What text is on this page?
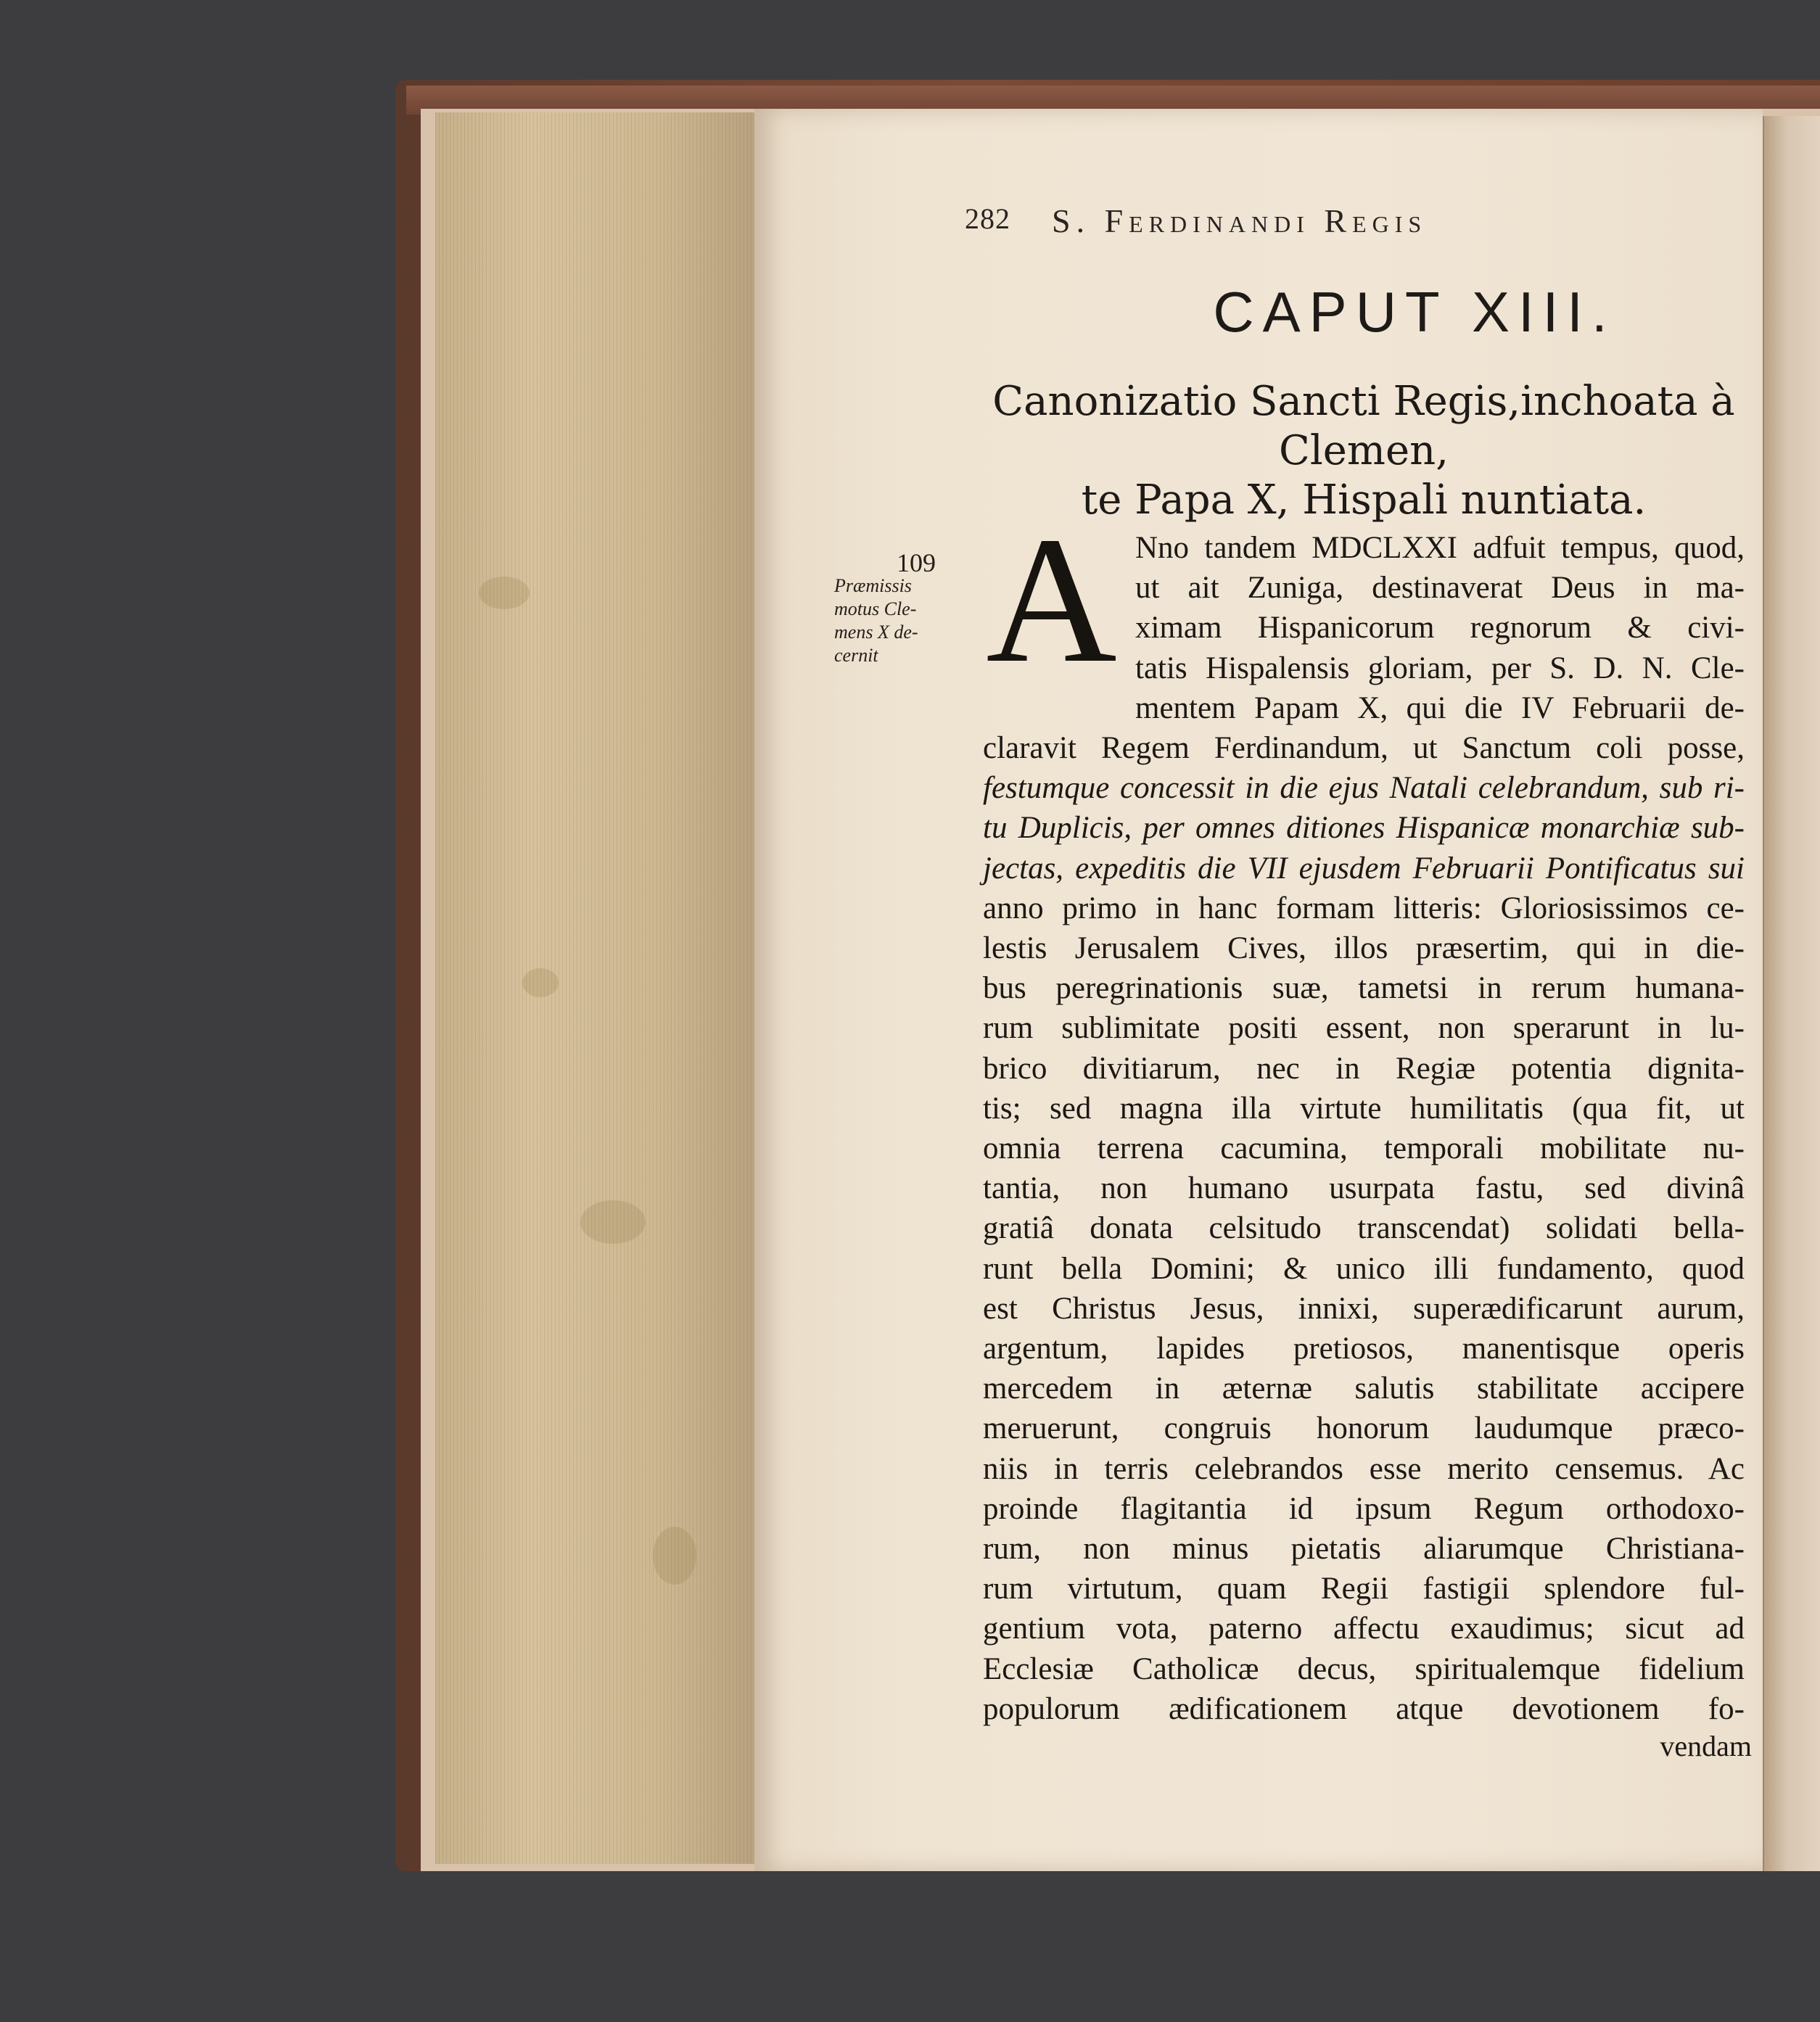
282 S. Ferdinandi Regis
CAPUT XIII.
Canonizatio Sancti Regis,inchoata à Clemen,
te Papa X, Hispali nuntiata.
109
Præmissis
motus Cle-
mens X de-
cernit A Nno tandem MDCLXXI adfuit tempus, quod,
ut ait Zuniga, destinaverat Deus in ma-
ximam Hispanicorum regnorum & civi-
tatis Hispalensis gloriam, per S. D. N. Cle-
mentem Papam X, qui die IV Februarii de-
claravit Regem Ferdinandum, ut Sanctum coli posse,
festumque concessit in die ejus Natali celebrandum, sub ri-
tu Duplicis, per omnes ditiones Hispanicæ monarchiæ sub-
jectas, expeditis die VII ejusdem Februarii Pontificatus sui
anno primo in hanc formam litteris: Gloriosissimos ce-
lestis Jerusalem Cives, illos præsertim, qui in die-
bus peregrinationis suæ, tametsi in rerum humana-
rum sublimitate positi essent, non sperarunt in lu-
brico divitiarum, nec in Regiæ potentia dignita-
tis; sed magna illa virtute humilitatis (qua fit, ut
omnia terrena cacumina, temporali mobilitate nu-
tantia, non humano usurpata fastu, sed divinâ
gratiâ donata celsitudo transcendat) solidati bella-
runt bella Domini; & unico illi fundamento, quod
est Christus Jesus, innixi, superædificarunt aurum,
argentum, lapides pretiosos, manentisque operis
mercedem in æternæ salutis stabilitate accipere
meruerunt, congruis honorum laudumque præco-
niis in terris celebrandos esse merito censemus. Ac
proinde flagitantia id ipsum Regum orthodoxo-
rum, non minus pietatis aliarumque Christiana-
rum virtutum, quam Regii fastigii splendore ful-
gentium vota, paterno affectu exaudimus; sicut ad
Ecclesiæ Catholicæ decus, spiritualemque fidelium
populorum ædificationem atque devotionem fo-
vendam
